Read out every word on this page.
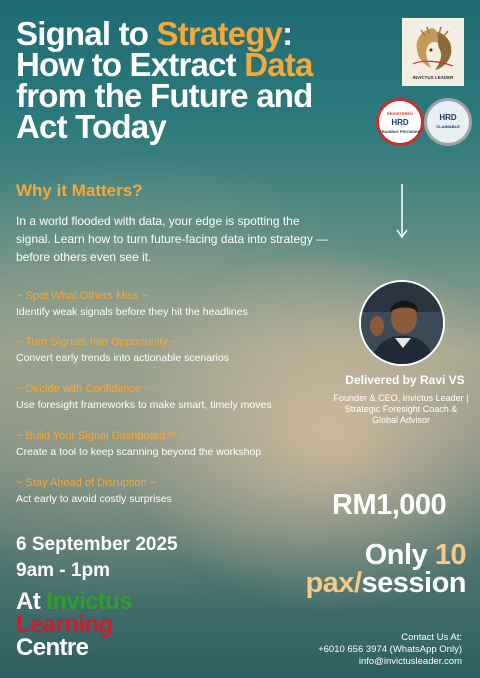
Signal to Strategy:
How to Extract Data
from the Future and
Act Today
INVICTUS LEADER
REGISTERED
HRD
TRAINING PROVIDER
HRD
CLAIMABLE
Why it Matters?

In a world flooded with data, your edge is spotting the signal. Learn how to turn future-facing data into strategy — before others even see it.

~ Spot What Others Miss ~

Identify weak signals before they hit the headlines

~ Turn Signals Into Opportunity ~

Convert early trends into actionable scenarios

~ Decide with Confidence ~

Use foresight frameworks to make smart, timely moves

~ Build Your Signal Dashboard™ ~

Create a tool to keep scanning beyond the workshop

~ Stay Ahead of Disruption ~

Act early to avoid costly surprises

Delivered by Ravi VS

Founder & CEO, Invictus Leader | Strategic Foresight Coach & Global Advisor

RM1,000

Only 10
pax/session

6 September 2025

9am - 1pm

At Invictus
Learning
Centre	Contact Us At:
+6010 656 3974 (WhatsApp Only)
info@invictusleader.com
